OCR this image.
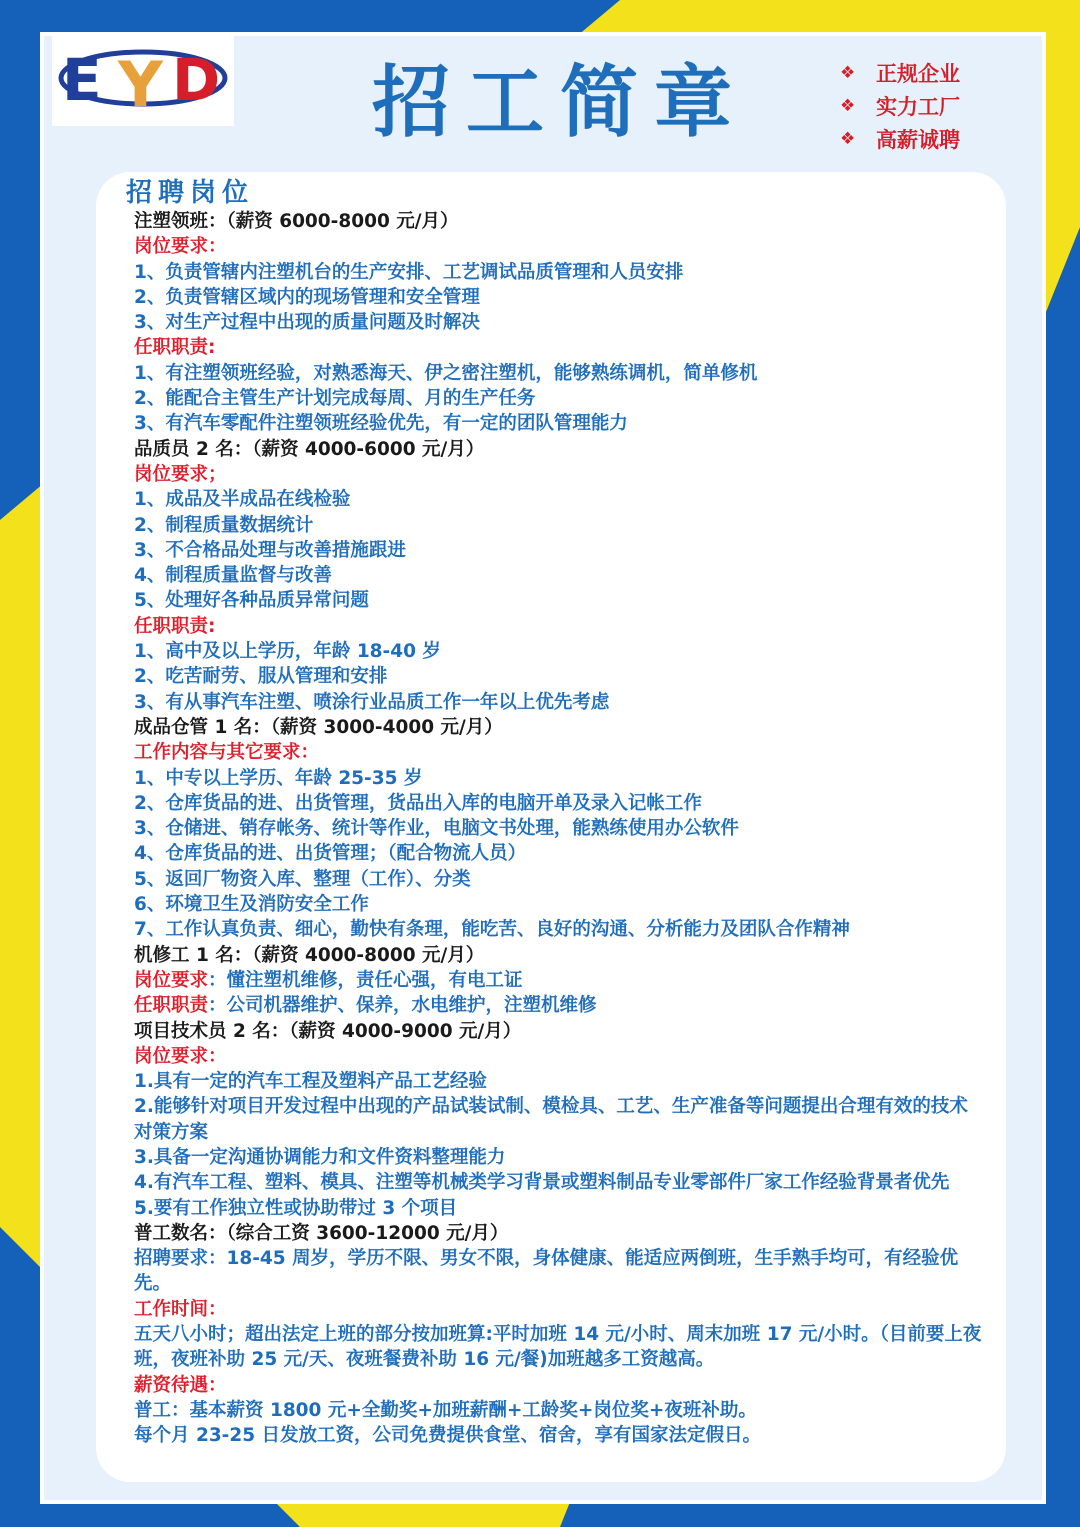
E Y D 招工简章	❖ 正规企业
❖ 实力工厂
❖ 高薪诚聘
招聘岗位
注塑领班：（薪资 6000-8000 元/月）
岗位要求：
1、负责管辖内注塑机台的生产安排、工艺调试品质管理和人员安排
2、负责管辖区域内的现场管理和安全管理
3、对生产过程中出现的质量问题及时解决
任职职责:
1、有注塑领班经验，对熟悉海天、伊之密注塑机，能够熟练调机，简单修机
2、能配合主管生产计划完成每周、月的生产任务
3、有汽车零配件注塑领班经验优先，有一定的团队管理能力
品质员 2 名：（薪资 4000-6000 元/月）
岗位要求；
1、成品及半成品在线检验
2、制程质量数据统计
3、不合格品处理与改善措施跟进
4、制程质量监督与改善
5、处理好各种品质异常问题
任职职责:
1、高中及以上学历，年龄 18-40 岁
2、吃苦耐劳、服从管理和安排
3、有从事汽车注塑、喷涂行业品质工作一年以上优先考虑
成品仓管 1 名：（薪资 3000-4000 元/月）
工作内容与其它要求：
1、中专以上学历、年龄 25-35 岁
2、仓库货品的进、出货管理，货品出入库的电脑开单及录入记帐工作
3、仓储进、销存帐务、统计等作业，电脑文书处理，能熟练使用办公软件
4、仓库货品的进、出货管理；（配合物流人员）
5、返回厂物资入库、整理（工作）、分类
6、环境卫生及消防安全工作
7、工作认真负责、细心，勤快有条理，能吃苦、良好的沟通、分析能力及团队合作精神
机修工 1 名：（薪资 4000-8000 元/月）
岗位要求：懂注塑机维修，责任心强，有电工证
任职职责：公司机器维护、保养，水电维护，注塑机维修
项目技术员 2 名：（薪资 4000-9000 元/月）
岗位要求：
1.具有一定的汽车工程及塑料产品工艺经验
2.能够针对项目开发过程中出现的产品试装试制、模检具、工艺、生产准备等问题提出合理有效的技术对策方案
3.具备一定沟通协调能力和文件资料整理能力
4.有汽车工程、塑料、模具、注塑等机械类学习背景或塑料制品专业零部件厂家工作经验背景者优先
5.要有工作独立性或协助带过 3 个项目
普工数名：（综合工资 3600-12000 元/月）
招聘要求：18-45 周岁，学历不限、男女不限，身体健康、能适应两倒班，生手熟手均可，有经验优先。
工作时间：
五天八小时；超出法定上班的部分按加班算:平时加班 14 元/小时、周末加班 17 元/小时。（目前要上夜班，夜班补助 25 元/天、夜班餐费补助 16 元/餐)加班越多工资越高。
薪资待遇：
普工：基本薪资 1800 元+全勤奖+加班薪酬+工龄奖+岗位奖+夜班补助。
每个月 23-25 日发放工资，公司免费提供食堂、宿舍，享有国家法定假日。
